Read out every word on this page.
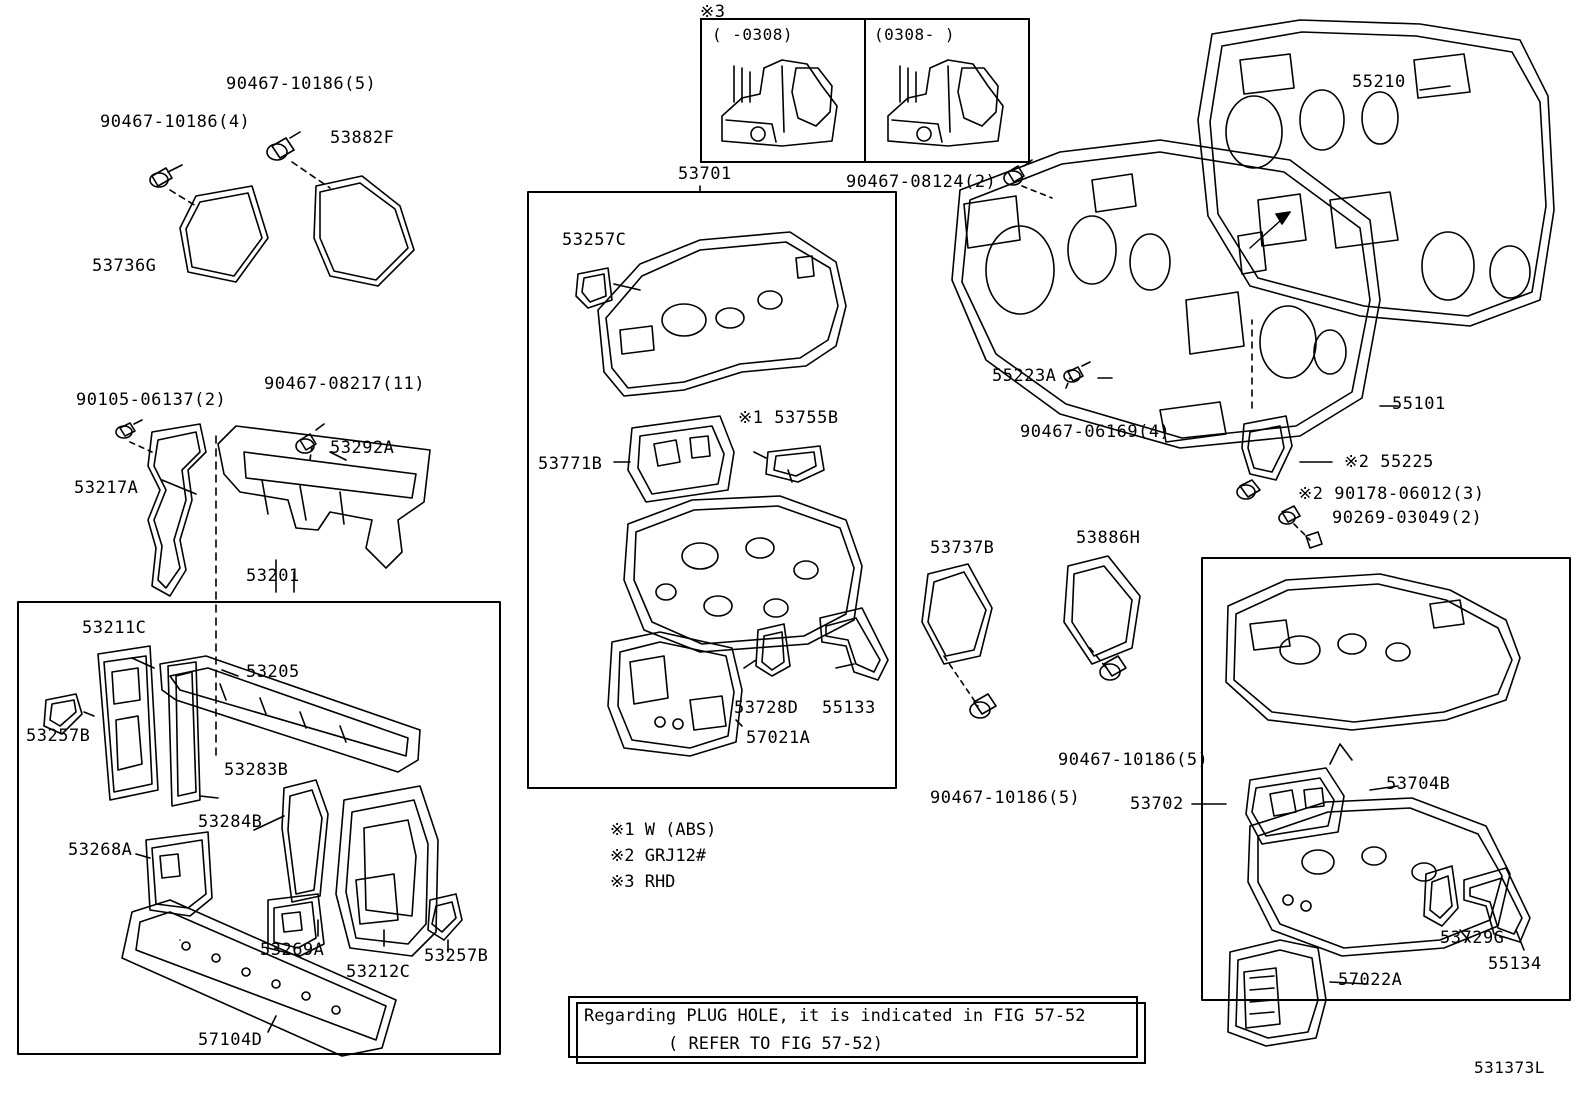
※3
( -0308)	(0308- )
90467-10186(4)
90467-10186(5)
53882F
53736G
90105-06137(2)
90467-08217(11)
53292A
53217A
53201
53211C
53205
53257B
53283B
53284B
53268A
53269A
53212C
53257B
57104D
53701
53257C
53771B
※1 53755B
53728D
57021A
55133
90467-08124(2)
55210
55223A
90467-06169(4)
55101
※2 55225
※2 90178-06012(3)
90269-03049(2)
53737B	53886H
90467-10186(5)
90467-10186(5)	53702
53704B
53729G
55134
57022A
※1 W (ABS)
※2 GRJ12#
※3 RHD
Regarding PLUG HOLE, it is indicated in FIG 57-52
( REFER TO FIG 57-52)
531373L
